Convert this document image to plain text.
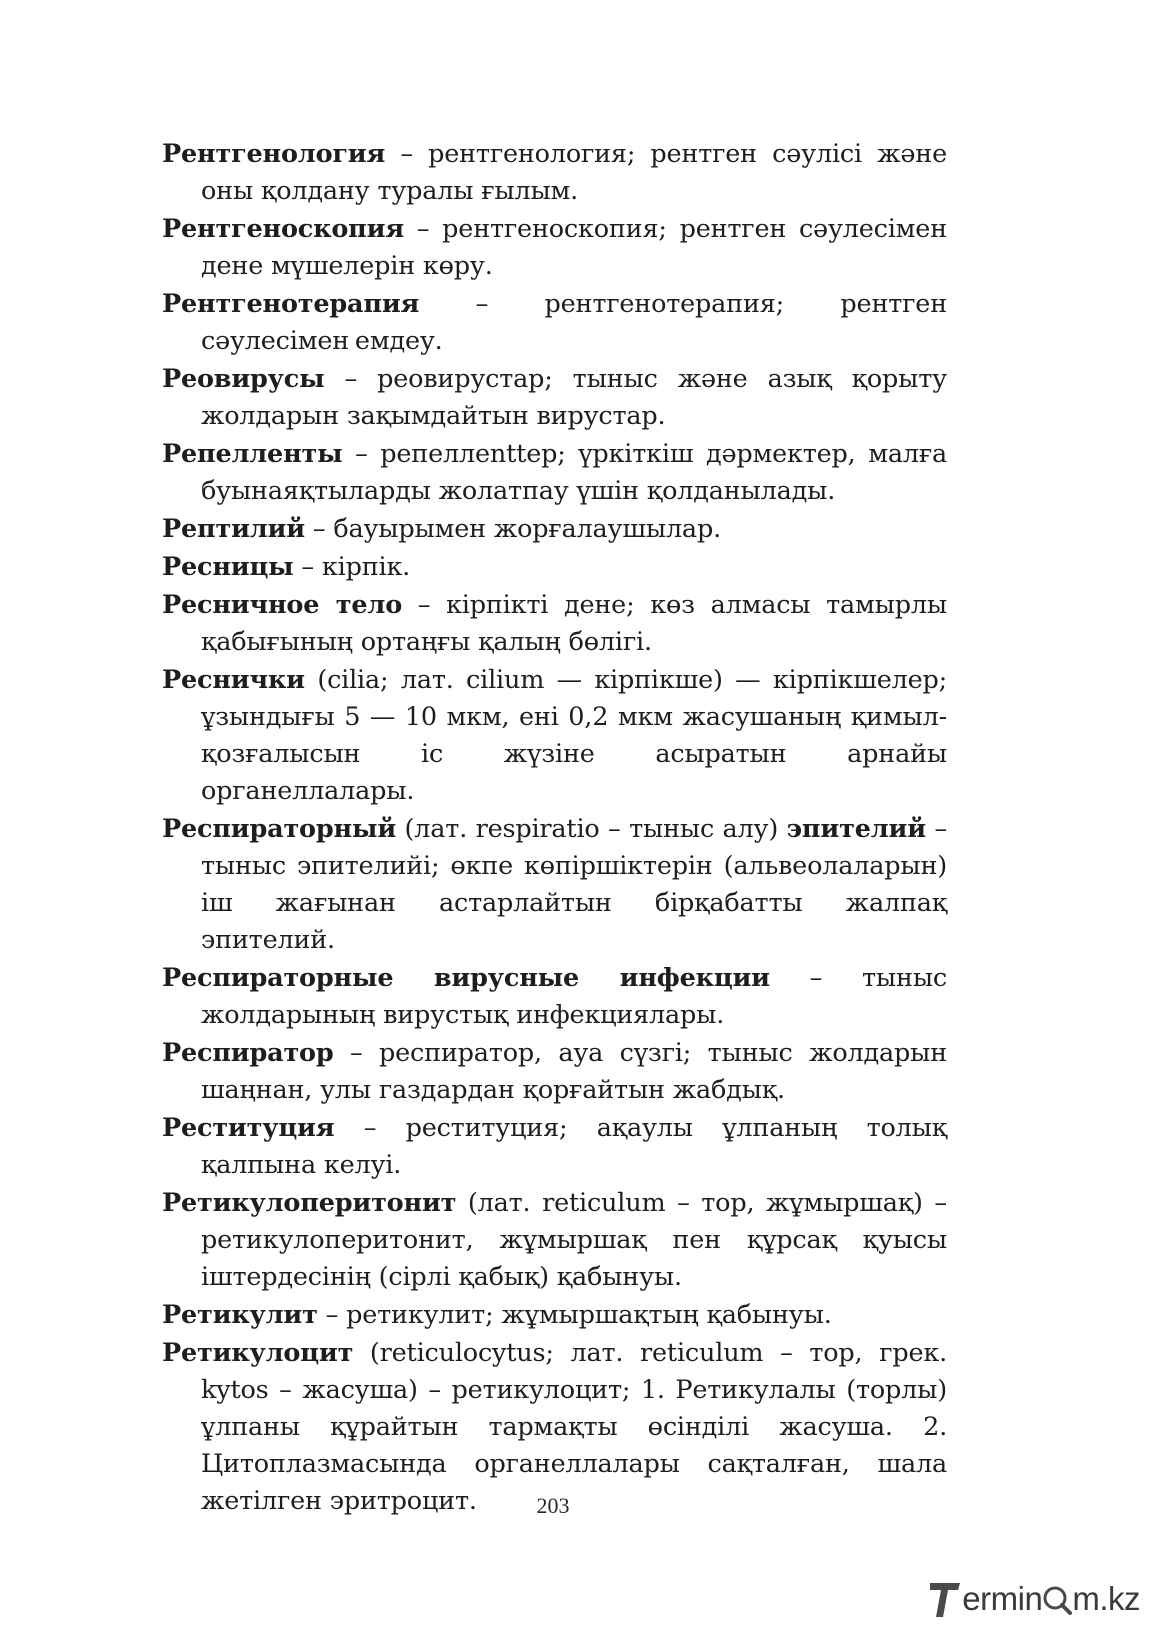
Рентгенология – рентгенология; рентген сәулісі және оны қолдану туралы ғылым.

Рентгеноскопия – рентгеноскопия; рентген сәулесімен дене мүшелерін көру.

Рентгенотерапия – рентгенотерапия; рентген сәулесімен емдеу.

Реовирусы – реовирустар; тыныс және азық қорыту жолдарын зақымдайтын вирустар.

Репелленты – репеллenttер; үркіткіш дәрмектер, малға буынаяқтыларды жолатпау үшін қолданылады.

Рептилий – бауырымен жорғалаушылар.

Ресницы – кірпік.

Ресничное тело – кірпікті дене; көз алмасы тамырлы қабығының ортаңғы қалың бөлігі.

Реснички (cilia; лат. cilium — кірпікше) — кірпікшелер; ұзындығы 5 — 10 мкм, ені 0,2 мкм жасушаның қимыл-қозғалысын іс жүзіне асыратын арнайы органеллалары.

Респираторный (лат. respiratio – тыныс алу) эпителий – тыныс эпителийі; өкпе көпіршіктерін (альвеолаларын) іш жағынан астарлайтын бірқабатты жалпақ эпителий.

Респираторные вирусные инфекции – тыныс жолдарының вирустық инфекциялары.

Респиратор – респиратор, ауа сүзгі; тыныс жолдарын шаңнан, улы газдардан қорғайтын жабдық.

Реституция – реституция; ақаулы ұлпаның толық қалпына келуі.

Ретикулоперитонит (лат. reticulum – тор, жұмыршақ) – ретикулоперитонит, жұмыршақ пен құрсақ қуысы іштердесінің (сірлі қабық) қабынуы.

Ретикулит – ретикулит; жұмыршақтың қабынуы.

Ретикулоцит (reticulocytus; лат. reticulum – тор, грек. kytos – жасуша) – ретикулоцит; 1. Ретикулалы (торлы) ұлпаны құрайтын тармақты өсінділі жасуша. 2. Цитоплазмасында органеллалары сақталған, шала жетілген эритроцит.	203
ermin m.kz
